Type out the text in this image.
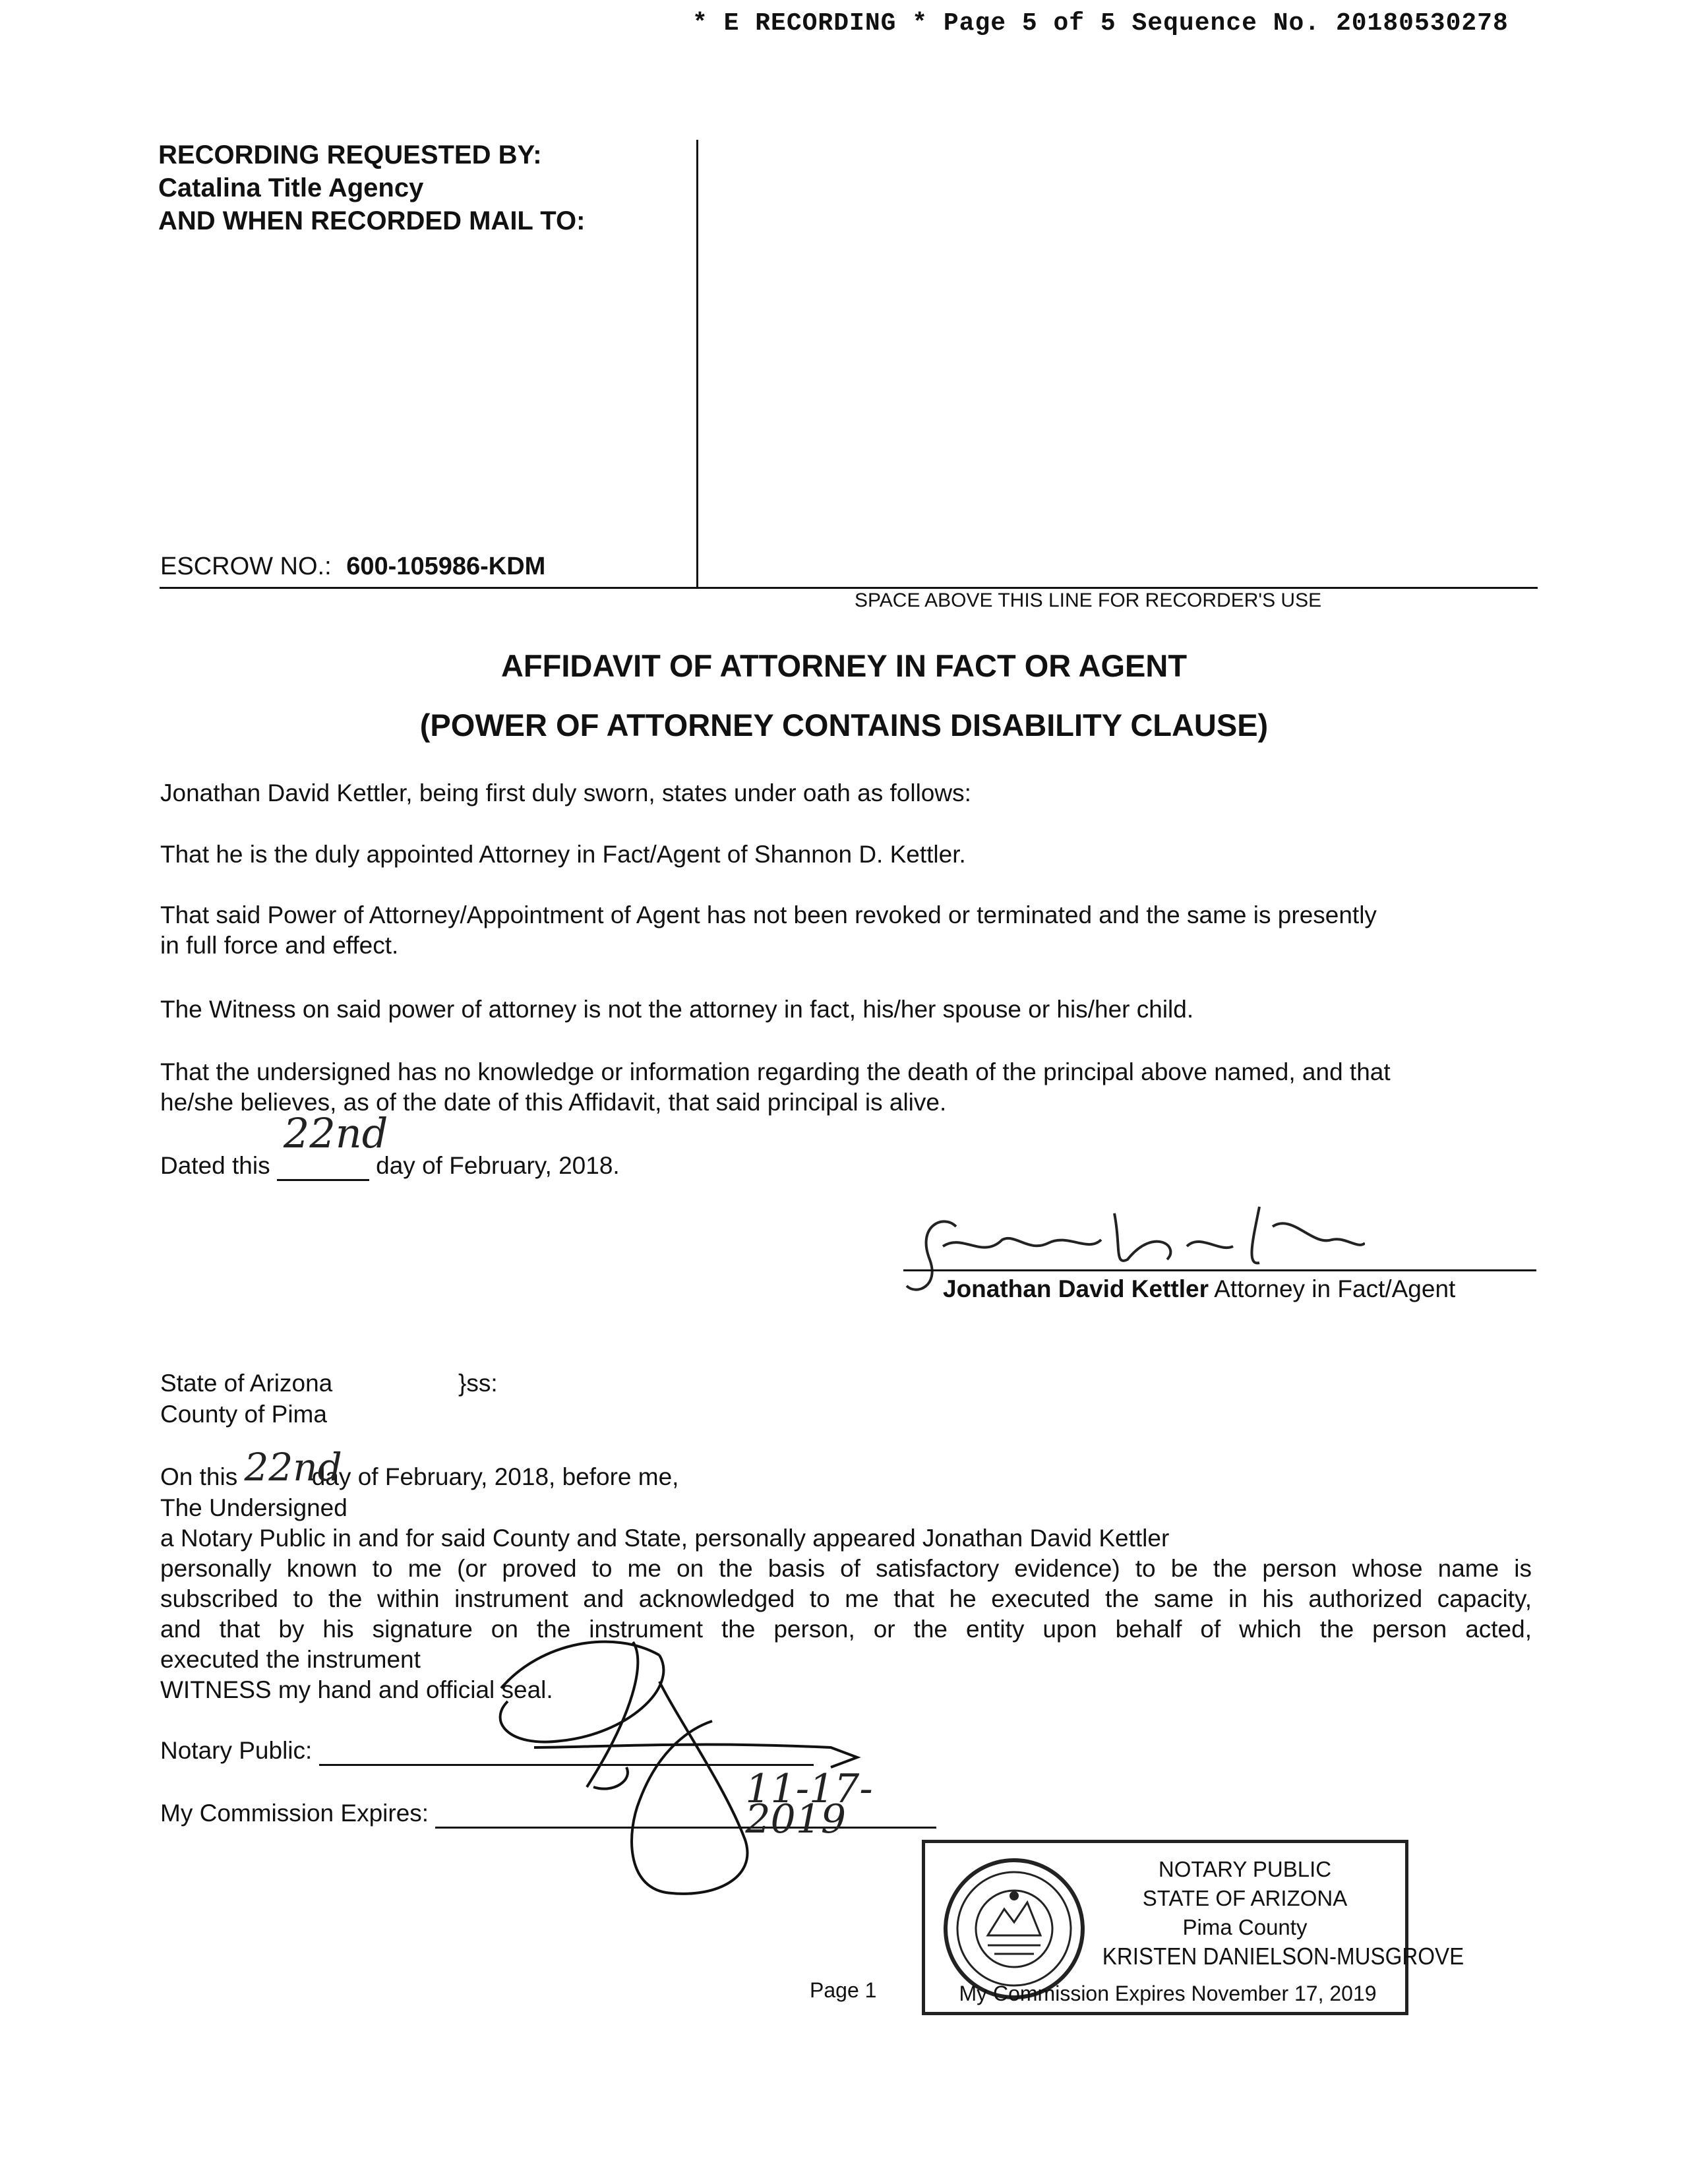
* E RECORDING * Page 5 of 5 Sequence No. 20180530278
RECORDING REQUESTED BY:
Catalina Title Agency
AND WHEN RECORDED MAIL TO:
ESCROW NO.: 600-105986-KDM
SPACE ABOVE THIS LINE FOR RECORDER'S USE
AFFIDAVIT OF ATTORNEY IN FACT OR AGENT
(POWER OF ATTORNEY CONTAINS DISABILITY CLAUSE)
Jonathan David Kettler, being first duly sworn, states under oath as follows:
That he is the duly appointed Attorney in Fact/Agent of Shannon D. Kettler.
That said Power of Attorney/Appointment of Agent has not been revoked or terminated and the same is presently
in full force and effect.
The Witness on said power of attorney is not the attorney in fact, his/her spouse or his/her child.
That the undersigned has no knowledge or information regarding the death of the principal above named, and that
he/she believes, as of the date of this Affidavit, that said principal is alive.
Dated this
22nd
day of February, 2018.
Jonathan David Kettler Attorney in Fact/Agent
State of Arizona	}ss:
County of Pima
On this 22nd
day of February, 2018, before me,
The Undersigned
a Notary Public in and for said County and State, personally appeared Jonathan David Kettler
personally known to me (or proved to me on the basis of satisfactory evidence) to be the person whose name is
subscribed to the within instrument and acknowledged to me that he executed the same in his authorized capacity,
and that by his signature on the instrument the person, or the entity upon behalf of which the person acted,
executed the instrument
WITNESS my hand and official seal.
Notary Public:
My Commission Expires:
11-17-2019
NOTARY PUBLIC
STATE OF ARIZONA
Pima County
KRISTEN DANIELSON-MUSGROVE
My Commission Expires November 17, 2019
Page 1
